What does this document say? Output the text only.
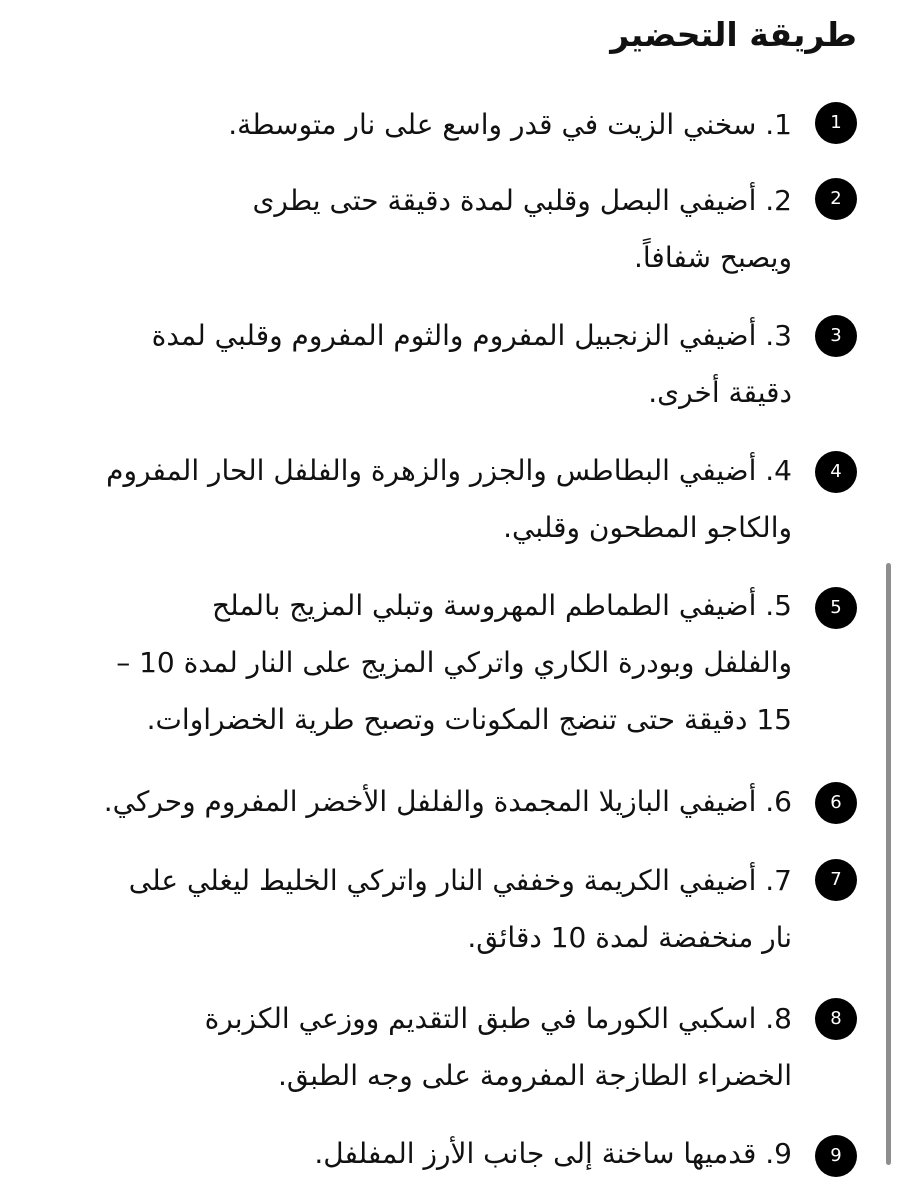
طريقة التحضير
1

1. سخني الزيت في قدر واسع على نار متوسطة.

2

2. أضيفي البصل وقلبي لمدة دقيقة حتى يطرى
ويصبح شفافاً.

3

3. أضيفي الزنجبيل المفروم والثوم المفروم وقلبي لمدة
دقيقة أخرى.

4

4. أضيفي البطاطس والجزر والزهرة والفلفل الحار المفروم
والكاجو المطحون وقلبي.

5

5. أضيفي الطماطم المهروسة وتبلي المزيج بالملح
والفلفل وبودرة الكاري واتركي المزيج على النار لمدة 10 –
15 دقيقة حتى تنضج المكونات وتصبح طرية الخضراوات.

6

6. أضيفي البازيلا المجمدة والفلفل الأخضر المفروم وحركي.

7

7. أضيفي الكريمة وخففي النار واتركي الخليط ليغلي على
نار منخفضة لمدة 10 دقائق.

8

8. اسكبي الكورما في طبق التقديم ووزعي الكزبرة
الخضراء الطازجة المفرومة على وجه الطبق.

9

9. قدميها ساخنة إلى جانب الأرز المفلفل.
